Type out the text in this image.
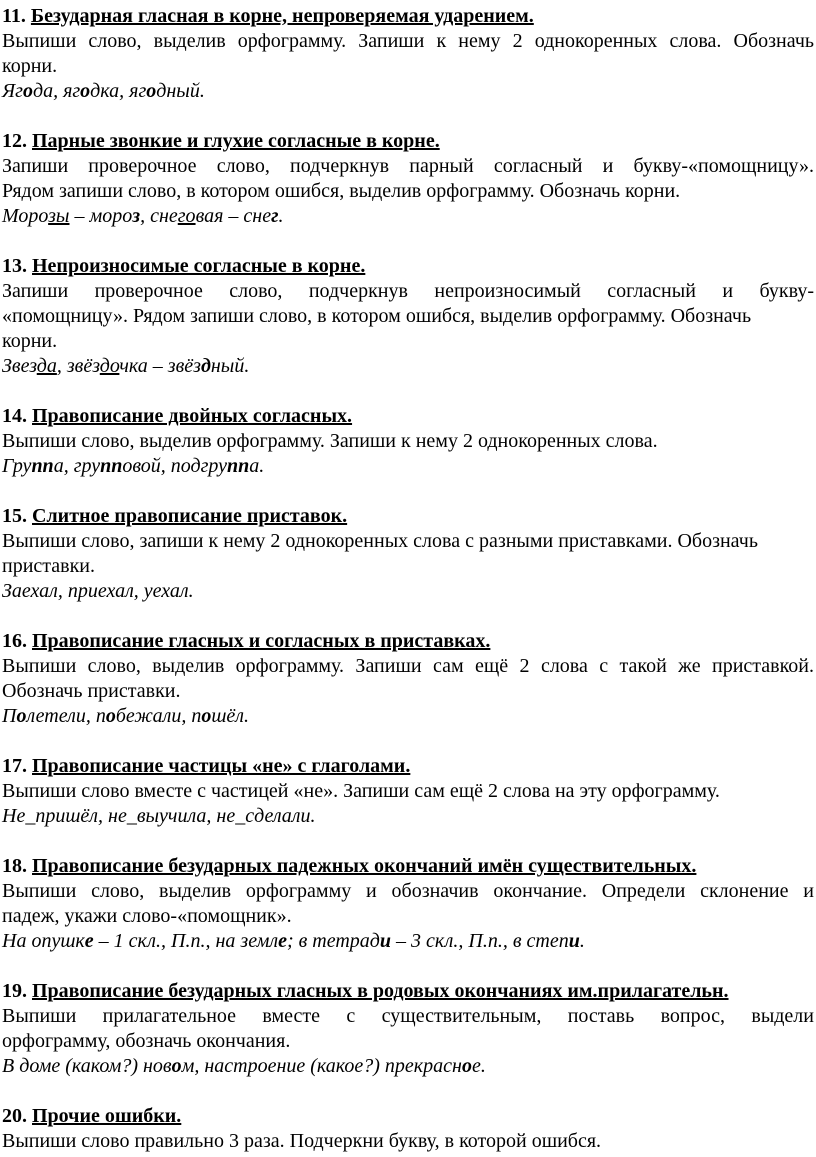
11. Безударная гласная в корне, непроверяемая ударением.
Выпиши слово, выделив орфограмму. Запиши к нему 2 однокоренных слова. Обозначь
корни.
Ягода, ягодка, ягодный.
12. Парные звонкие и глухие согласные в корне.
Запиши проверочное слово, подчеркнув парный согласный и букву-«помощницу».
Рядом запиши слово, в котором ошибся, выделив орфограмму. Обозначь корни.
Морозы – мороз, снеговая – снег.
13. Непроизносимые согласные в корне.
Запиши проверочное слово, подчеркнув непроизносимый согласный и букву-
«помощницу». Рядом запиши слово, в котором ошибся, выделив орфограмму. Обозначь
корни.
Звезда, звёздочка – звёздный.
14. Правописание двойных согласных.
Выпиши слово, выделив орфограмму. Запиши к нему 2 однокоренных слова.
Группа, групповой, подгруппа.
15. Слитное правописание приставок.
Выпиши слово, запиши к нему 2 однокоренных слова с разными приставками. Обозначь
приставки.
Заехал, приехал, уехал.
16. Правописание гласных и согласных в приставках.
Выпиши слово, выделив орфограмму. Запиши сам ещё 2 слова с такой же приставкой.
Обозначь приставки.
Полетели, побежали, пошёл.
17. Правописание частицы «не» с глаголами.
Выпиши слово вместе с частицей «не». Запиши сам ещё 2 слова на эту орфограмму.
Не_пришёл, не_выучила, не_сделали.
18. Правописание безударных падежных окончаний имён существительных.
Выпиши слово, выделив орфограмму и обозначив окончание. Определи склонение и
падеж, укажи слово-«помощник».
На опушке – 1 скл., П.п., на земле; в тетради – 3 скл., П.п., в степи.
19. Правописание безударных гласных в родовых окончаниях им.прилагательн.
Выпиши прилагательное вместе с существительным, поставь вопрос, выдели
орфограмму, обозначь окончания.
В доме (каком?) новом, настроение (какое?) прекрасное.
20. Прочие ошибки.
Выпиши слово правильно 3 раза. Подчеркни букву, в которой ошибся.
